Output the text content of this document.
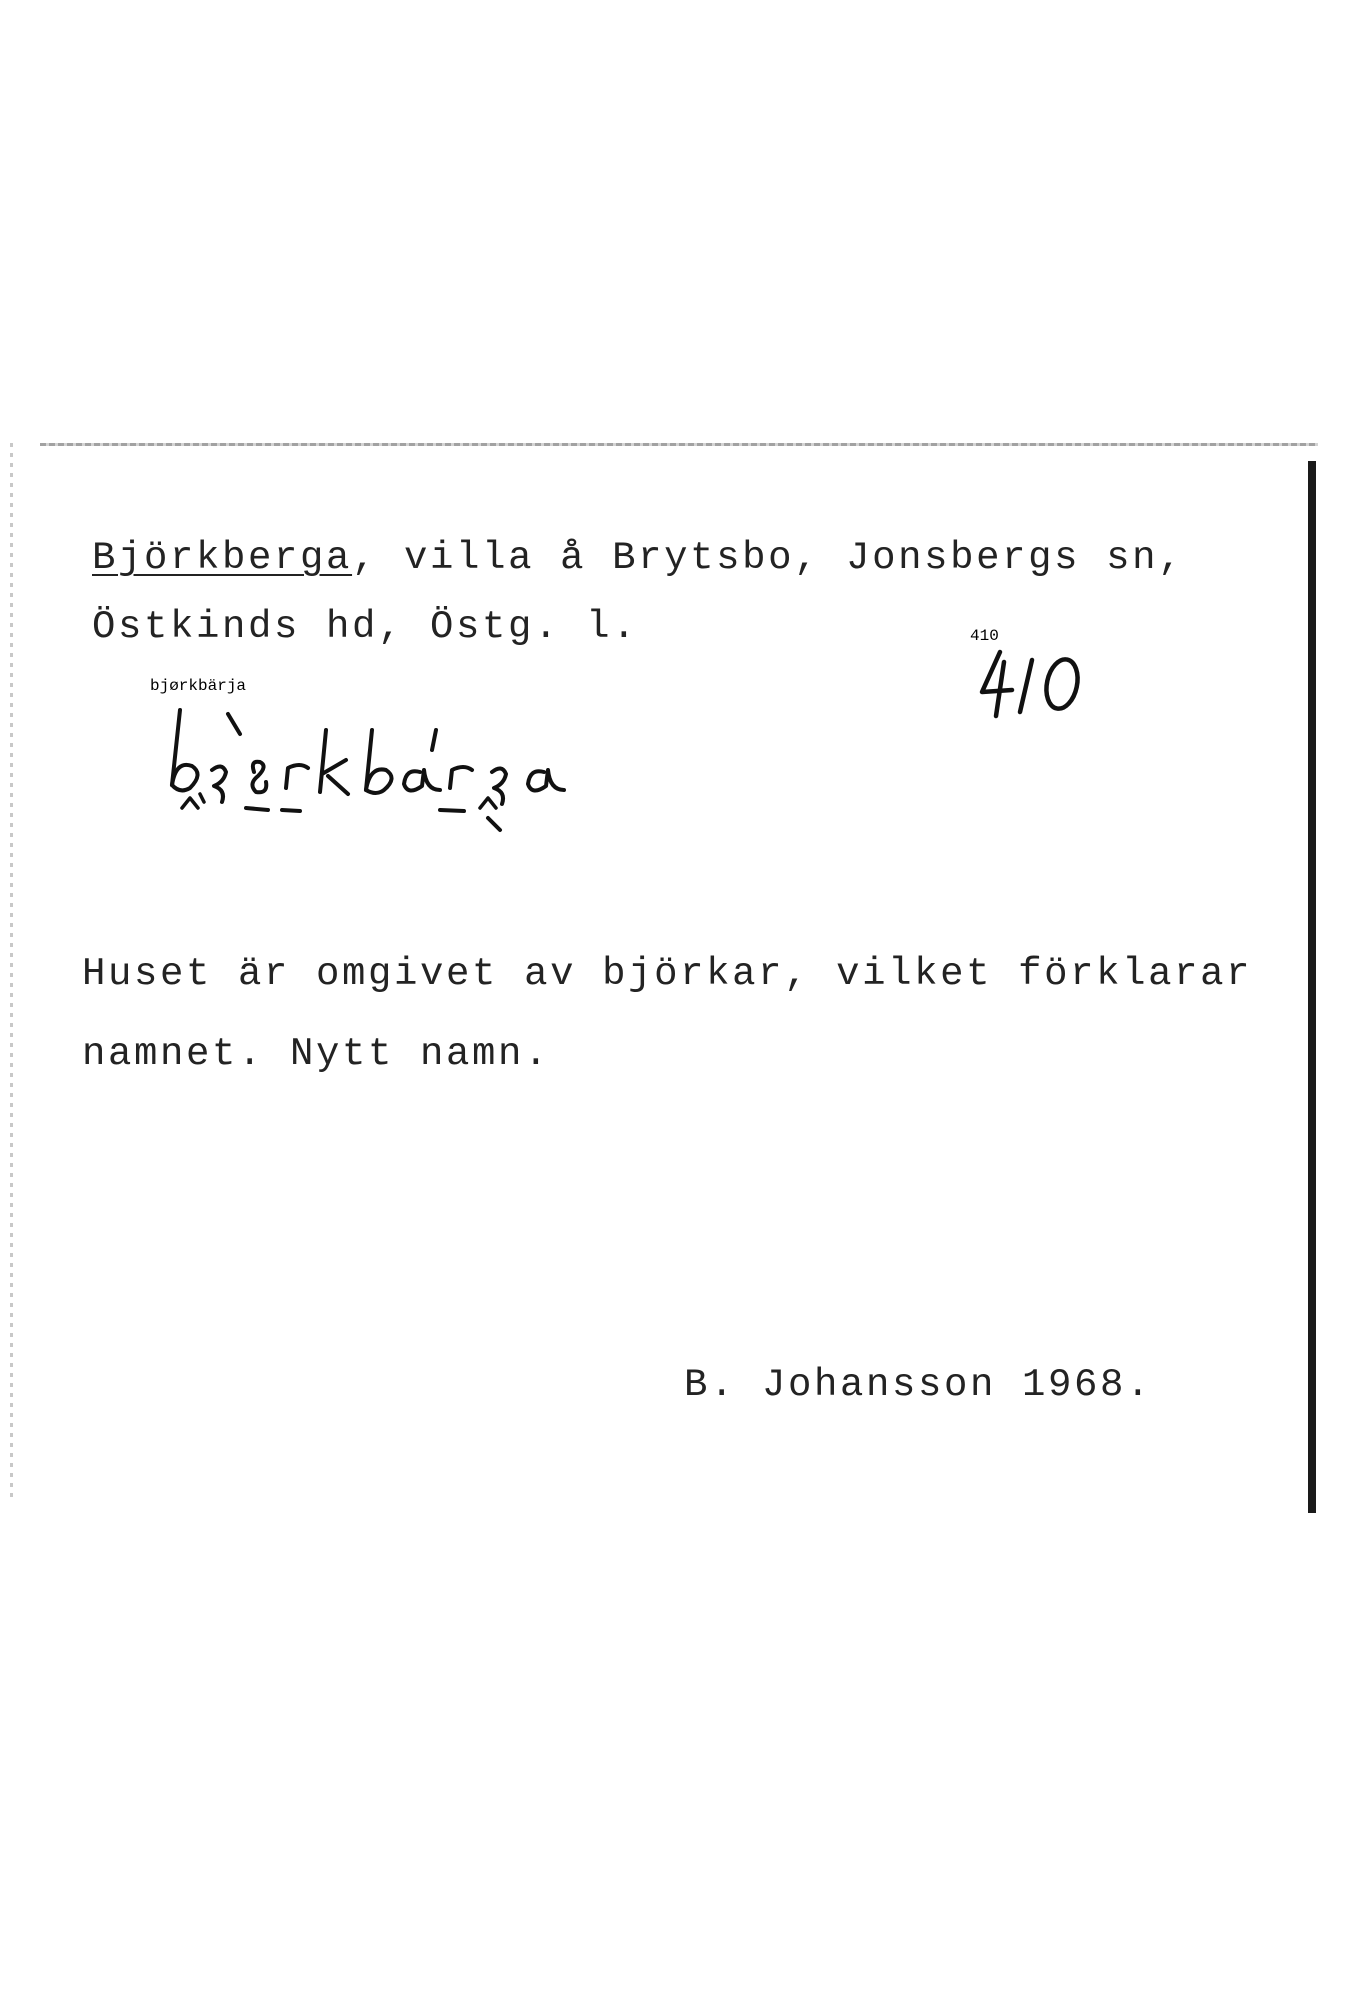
Björkberga, villa å Brytsbo, Jonsbergs sn,
Östkinds hd, Östg. l.	410
bjørkbärja
Huset är omgivet av björkar, vilket förklarar
namnet. Nytt namn.
B. Johansson 1968.
